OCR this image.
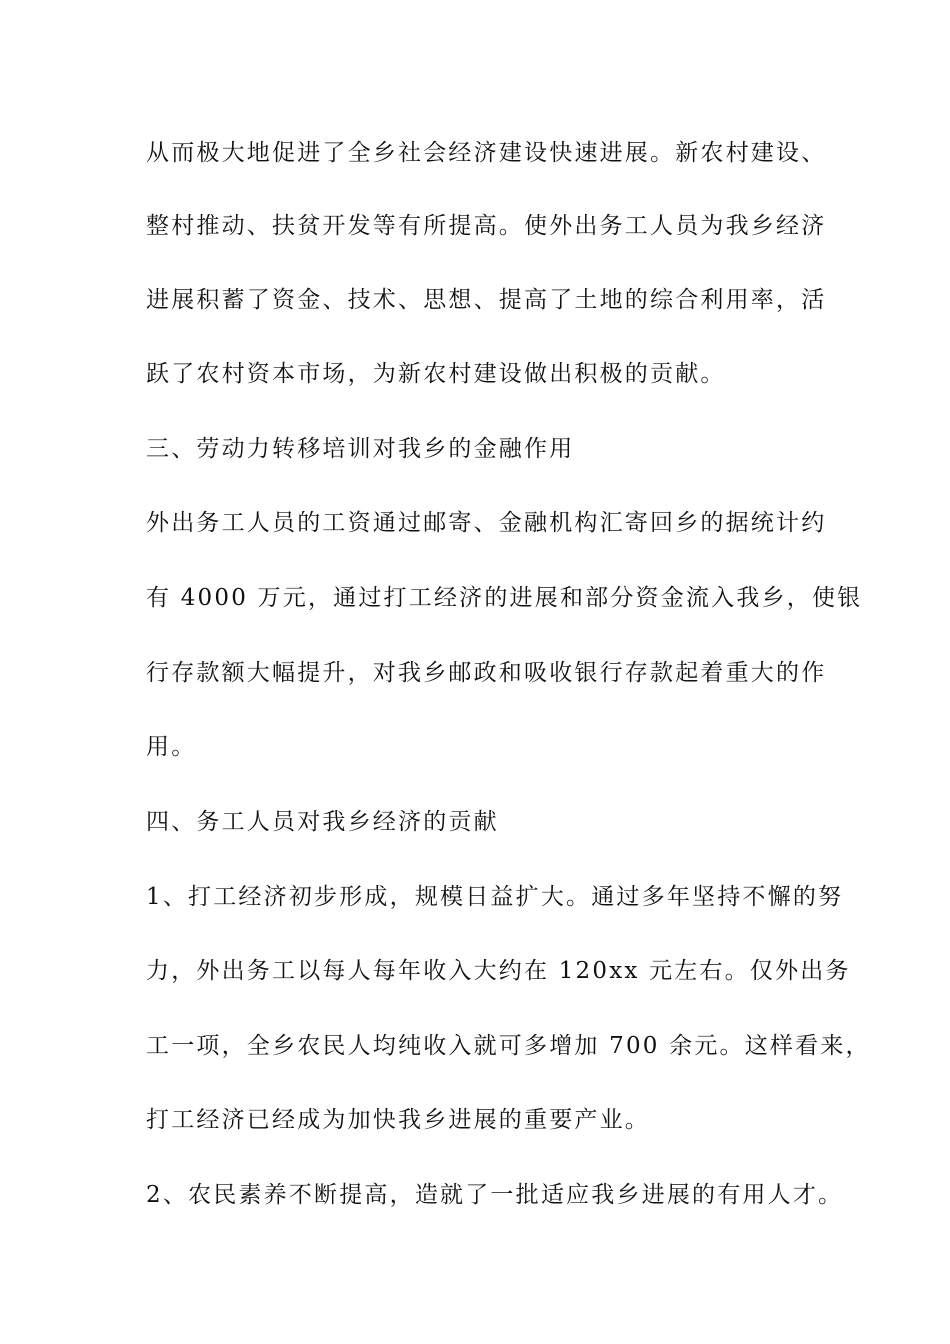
从而极大地促进了全乡社会经济建设快速进展。新农村建设、
整村推动、扶贫开发等有所提高。使外出务工人员为我乡经济
进展积蓄了资金、技术、思想、提高了土地的综合利用率，活
跃了农村资本市场，为新农村建设做出积极的贡献。
三、劳动力转移培训对我乡的金融作用
外出务工人员的工资通过邮寄、金融机构汇寄回乡的据统计约
有 4000 万元，通过打工经济的进展和部分资金流入我乡，使银
行存款额大幅提升，对我乡邮政和吸收银行存款起着重大的作
用。
四、务工人员对我乡经济的贡献
1、打工经济初步形成，规模日益扩大。通过多年坚持不懈的努
力，外出务工以每人每年收入大约在 120xx 元左右。仅外出务
工一项，全乡农民人均纯收入就可多增加 700 余元。这样看来，
打工经济已经成为加快我乡进展的重要产业。
2、农民素养不断提高，造就了一批适应我乡进展的有用人才。
